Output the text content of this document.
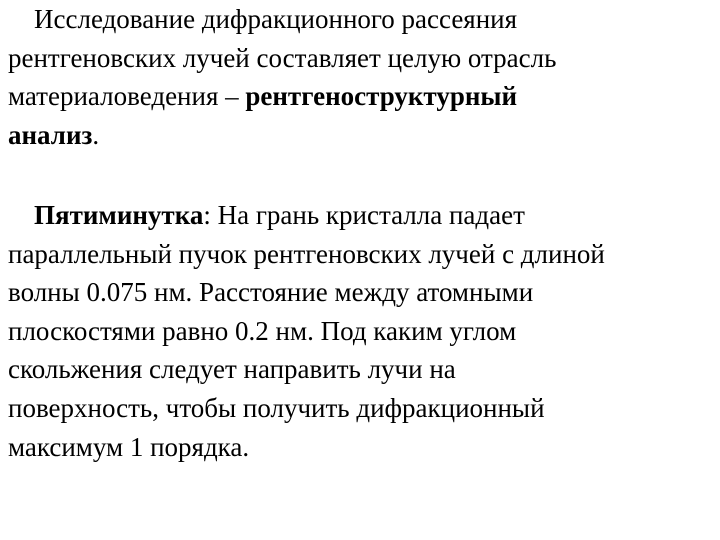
Исследование дифракционного рассеяния
рентгеновских лучей составляет целую отрасль
материаловедения – рентгеноструктурный
анализ.
Пятиминутка: На грань кристалла падает
параллельный пучок рентгеновских лучей с длиной
волны 0.075 нм. Расстояние между атомными
плоскостями равно 0.2 нм. Под каким углом
скольжения следует направить лучи на
поверхность, чтобы получить дифракционный
максимум 1 порядка.
